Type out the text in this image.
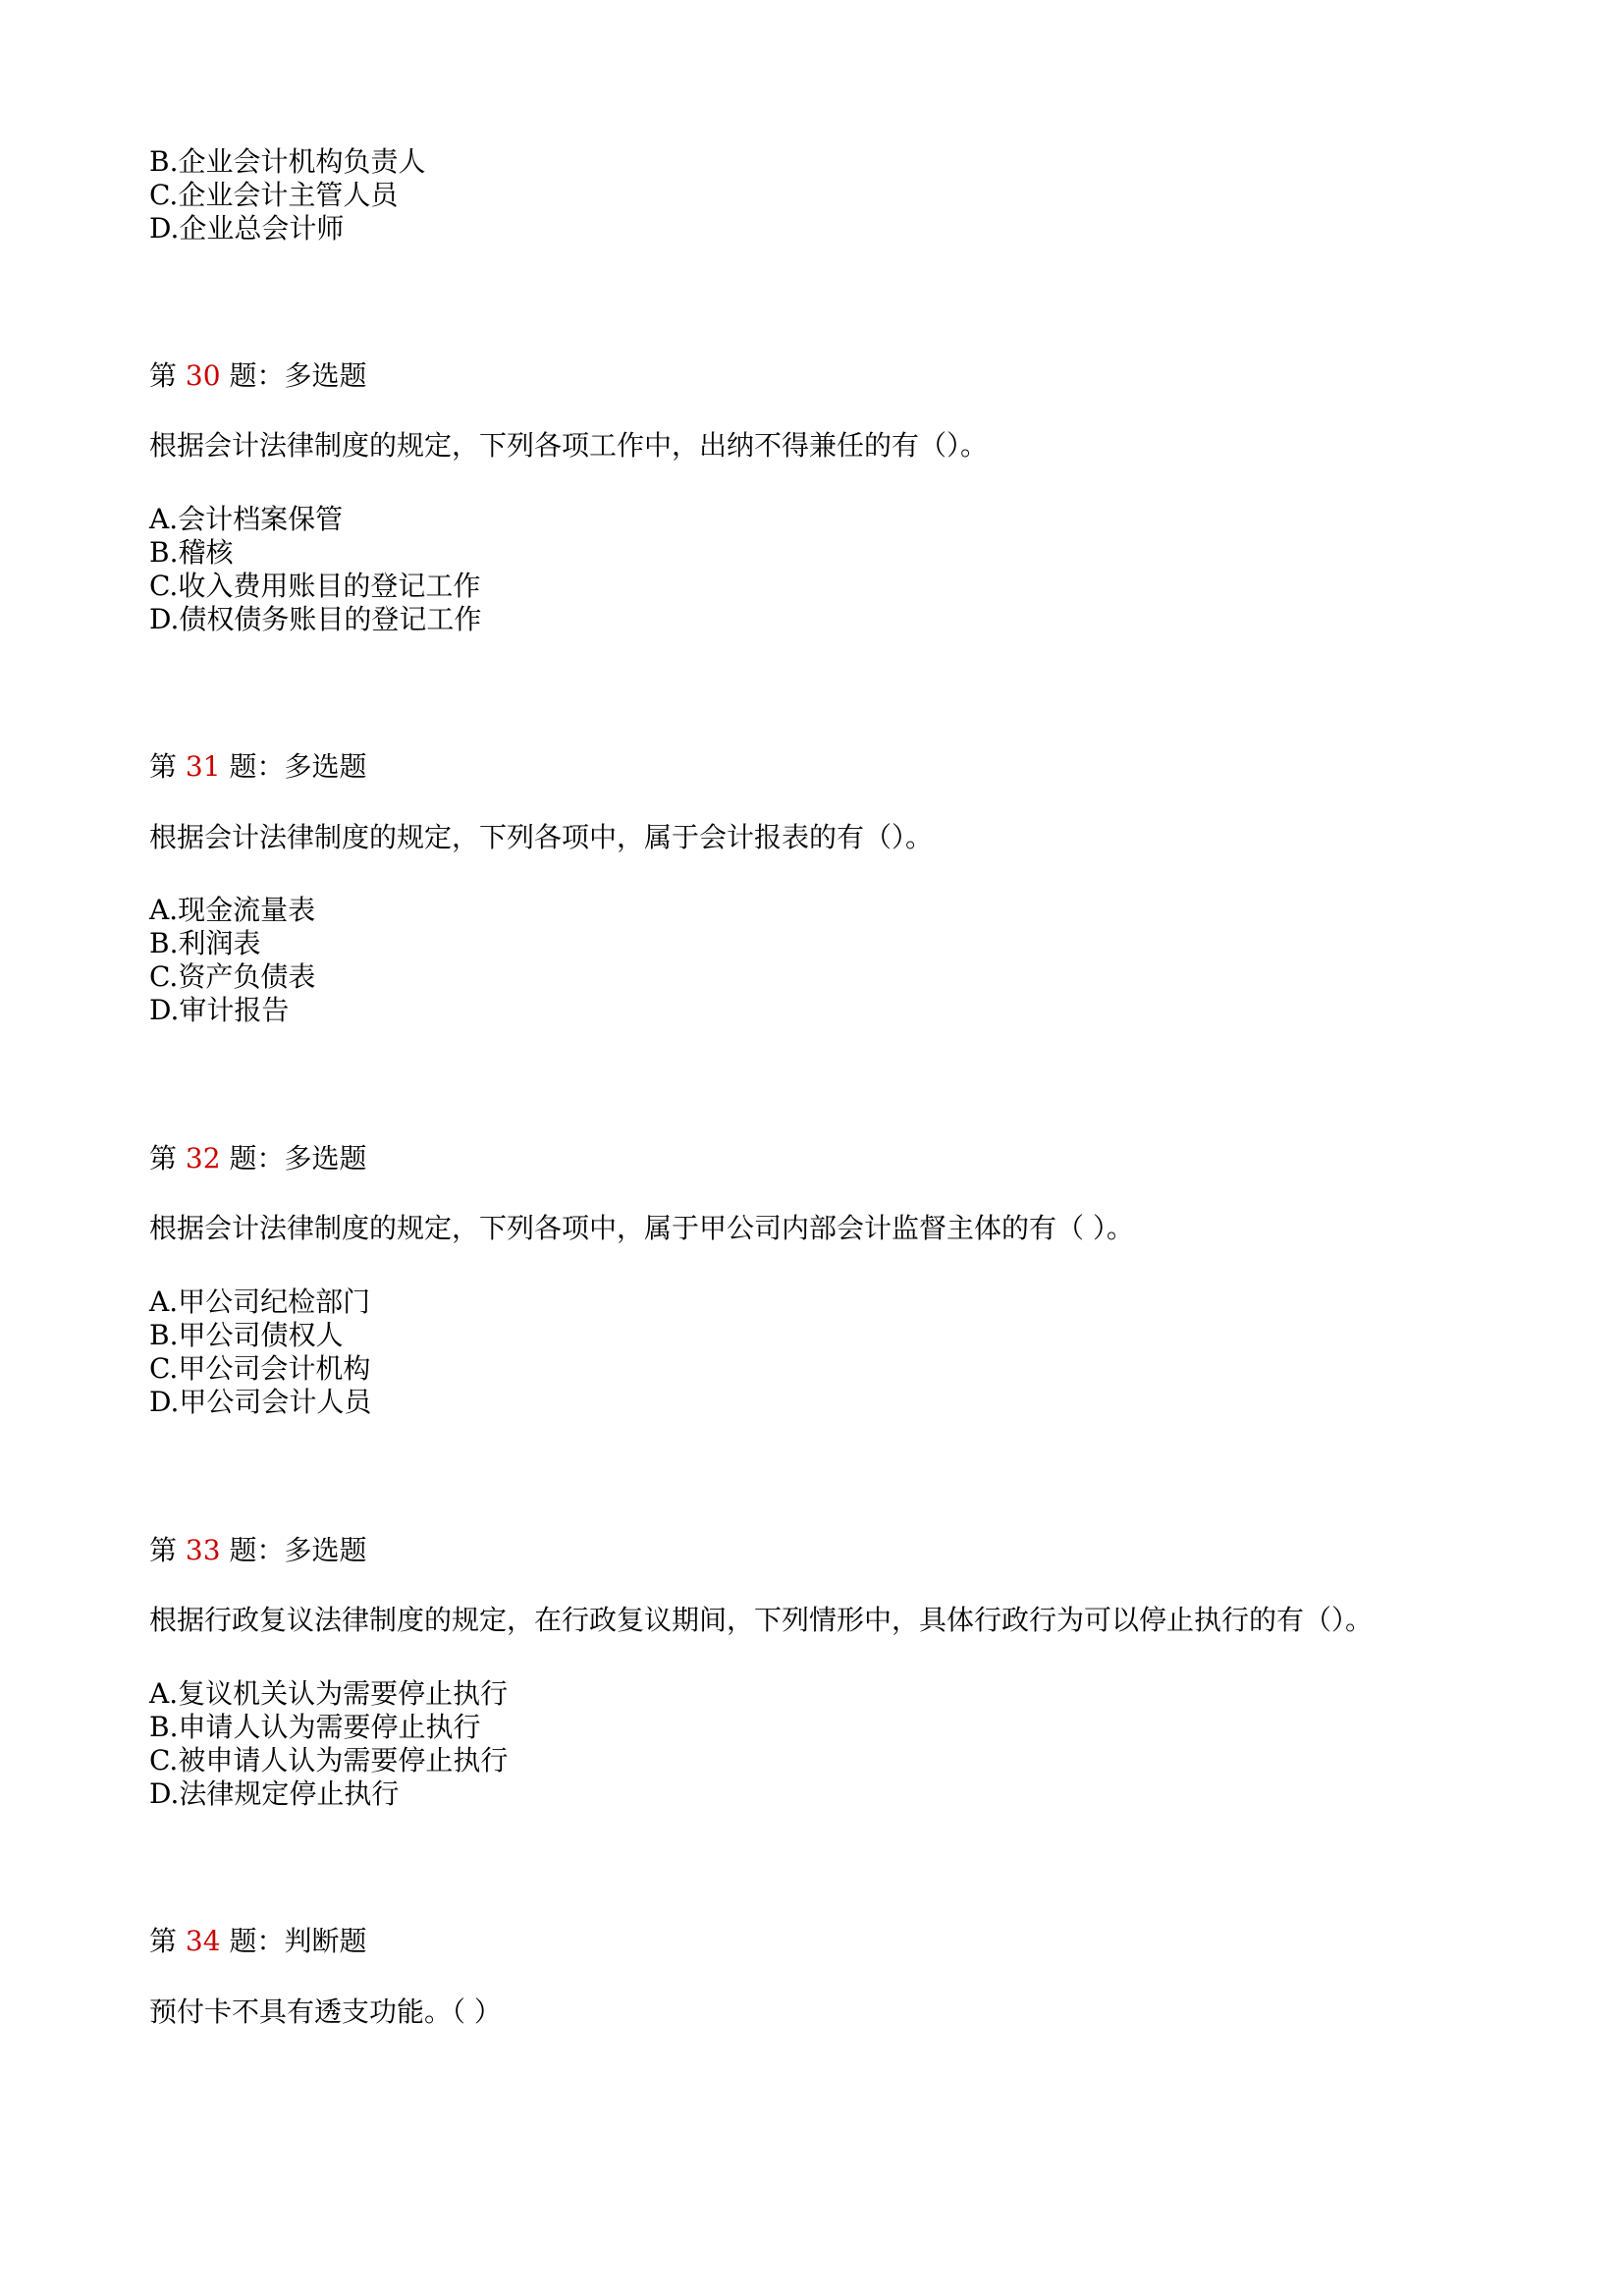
B.企业会计机构负责人
C.企业会计主管人员
D.企业总会计师
第 30 题：多选题
根据会计法律制度的规定，下列各项工作中，出纳不得兼任的有（）。
A.会计档案保管
B.稽核
C.收入费用账目的登记工作
D.债权债务账目的登记工作
第 31 题：多选题
根据会计法律制度的规定，下列各项中，属于会计报表的有（）。
A.现金流量表
B.利润表
C.资产负债表
D.审计报告
第 32 题：多选题
根据会计法律制度的规定，下列各项中，属于甲公司内部会计监督主体的有（ ）。
A.甲公司纪检部门
B.甲公司债权人
C.甲公司会计机构
D.甲公司会计人员
第 33 题：多选题
根据行政复议法律制度的规定，在行政复议期间，下列情形中，具体行政行为可以停止执行的有（）。
A.复议机关认为需要停止执行
B.申请人认为需要停止执行
C.被申请人认为需要停止执行
D.法律规定停止执行
第 34 题：判断题
预付卡不具有透支功能。（ ）
